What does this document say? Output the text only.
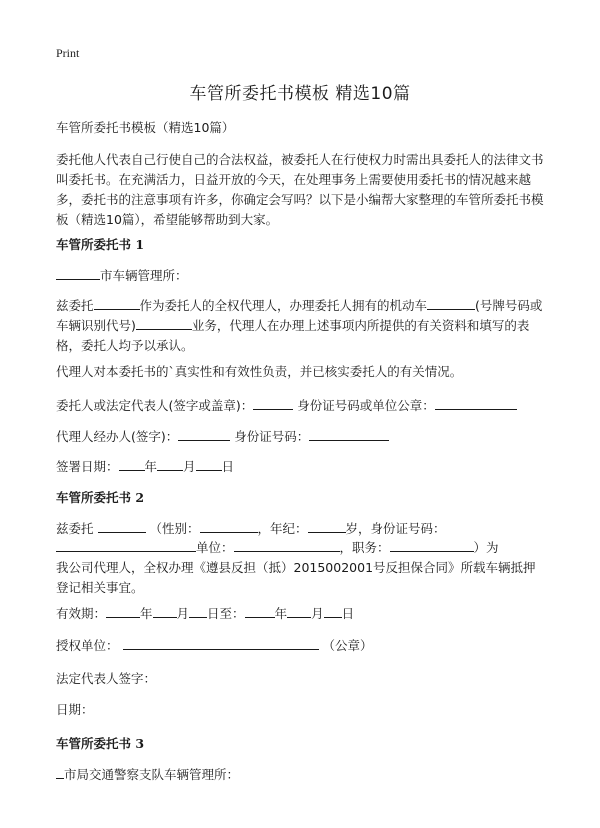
Print
车管所委托书模板 精选10篇

车管所委托书模板（精选10篇）

委托他人代表自己行使自己的合法权益，被委托人在行使权力时需出具委托人的法律文书叫委托书。在充满活力，日益开放的今天，在处理事务上需要使用委托书的情况越来越多，委托书的注意事项有许多，你确定会写吗？以下是小编帮大家整理的车管所委托书模板（精选10篇），希望能够帮助到大家。

车管所委托书 1

市车辆管理所：

兹委托	作为委托人的全权代理人，办理委托人拥有的机动车	(号牌号码或车辆识别代号)	业务，代理人在办理上述事项内所提供的有关资料和填写的表格，委托人均予以承认。

代理人对本委托书的`真实性和有效性负责，并已核实委托人的有关情况。

委托人或法定代表人(签字或盖章)：	身份证号码或单位公章：

代理人经办人(签字)：	身份证号码：

签署日期： 年 月 日

车管所委托书 2

兹委托	（性别：	，年纪：	岁，身份证号码：

单位：	，职务：	）为

我公司代理人，全权办理《遵县反担（抵）2015002001号反担保合同》所载车辆抵押登记相关事宜。

有效期：	年 月 日至： 年 月 日

授权单位：	（公章）

法定代表人签字：

日期：

车管所委托书 3

市局交通警察支队车辆管理所：
